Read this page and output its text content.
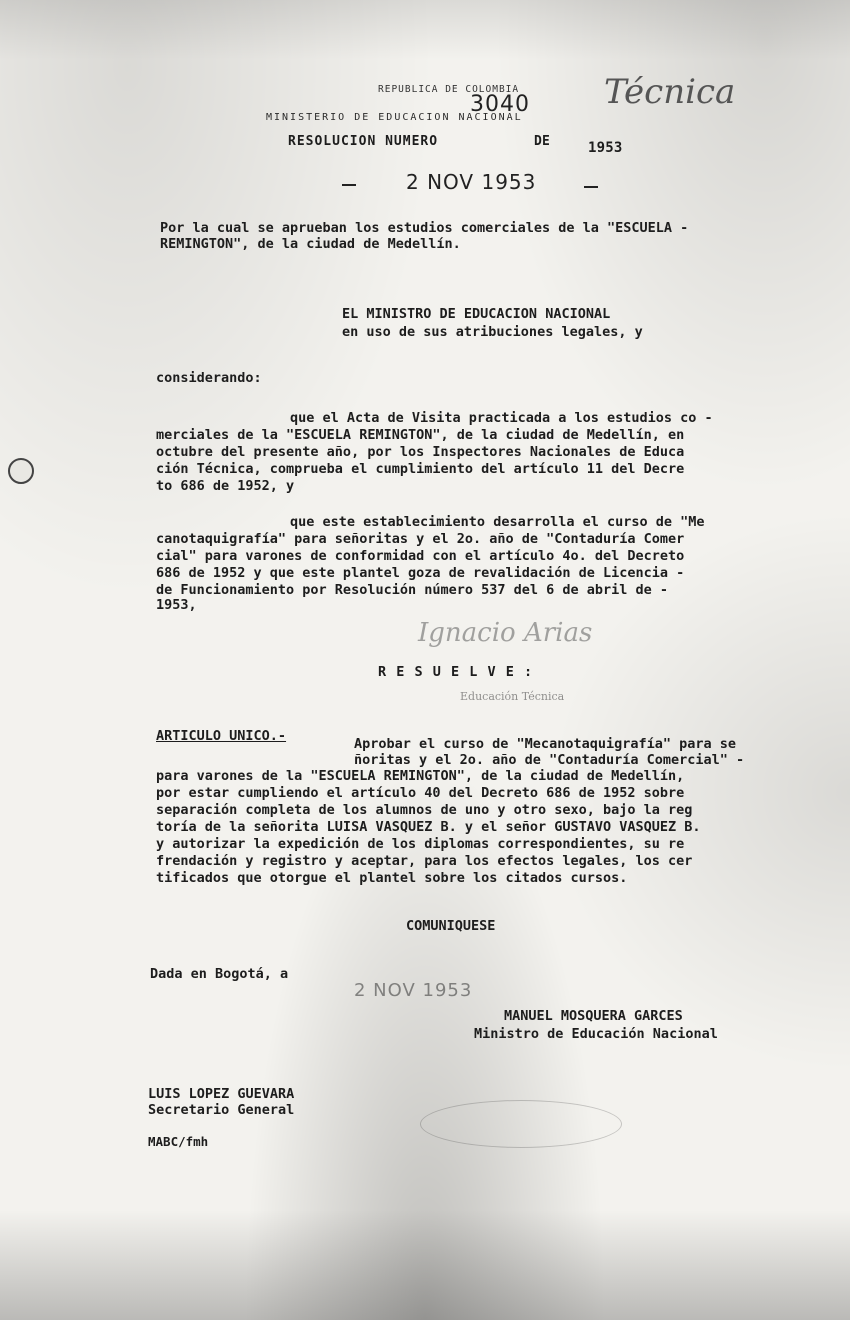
REPUBLICA DE COLOMBIA
MINISTERIO DE EDUCACION NACIONAL
3040 Técnica
RESOLUCION NUMERO	DE	1953
2 NOV 1953
Por la cual se aprueban los estudios comerciales de la "ESCUELA -
REMINGTON", de la ciudad de Medellín.
EL MINISTRO DE EDUCACION NACIONAL
en uso de sus atribuciones legales, y
considerando:
que el Acta de Visita practicada a los estudios co -
merciales de la "ESCUELA REMINGTON", de la ciudad de Medellín, en
octubre del presente año, por los Inspectores Nacionales de Educa
ción Técnica, comprueba el cumplimiento del artículo 11 del Decre
to 686 de 1952, y
que este establecimiento desarrolla el curso de "Me
canotaquigrafía" para señoritas y el 2o. año de "Contaduría Comer
cial" para varones de conformidad con el artículo 4o. del Decreto
686 de 1952 y que este plantel goza de revalidación de Licencia -
de Funcionamiento por Resolución número 537 del 6 de abril de -
1953,
Ignacio Arias
R E S U E L V E :
Educación Técnica
ARTICULO UNICO.-	Aprobar el curso de "Mecanotaquigrafía" para se
ñoritas y el 2o. año de "Contaduría Comercial" -
para varones de la "ESCUELA REMINGTON", de la ciudad de Medellín,
por estar cumpliendo el artículo 40 del Decreto 686 de 1952 sobre
separación completa de los alumnos de uno y otro sexo, bajo la reg
toría de la señorita LUISA VASQUEZ B. y el señor GUSTAVO VASQUEZ B.
y autorizar la expedición de los diplomas correspondientes, su re
frendación y registro y aceptar, para los efectos legales, los cer
tificados que otorgue el plantel sobre los citados cursos.
COMUNIQUESE
Dada en Bogotá, a
2 NOV 1953
MANUEL MOSQUERA GARCES
Ministro de Educación Nacional
LUIS LOPEZ GUEVARA
Secretario General
MABC/fmh
